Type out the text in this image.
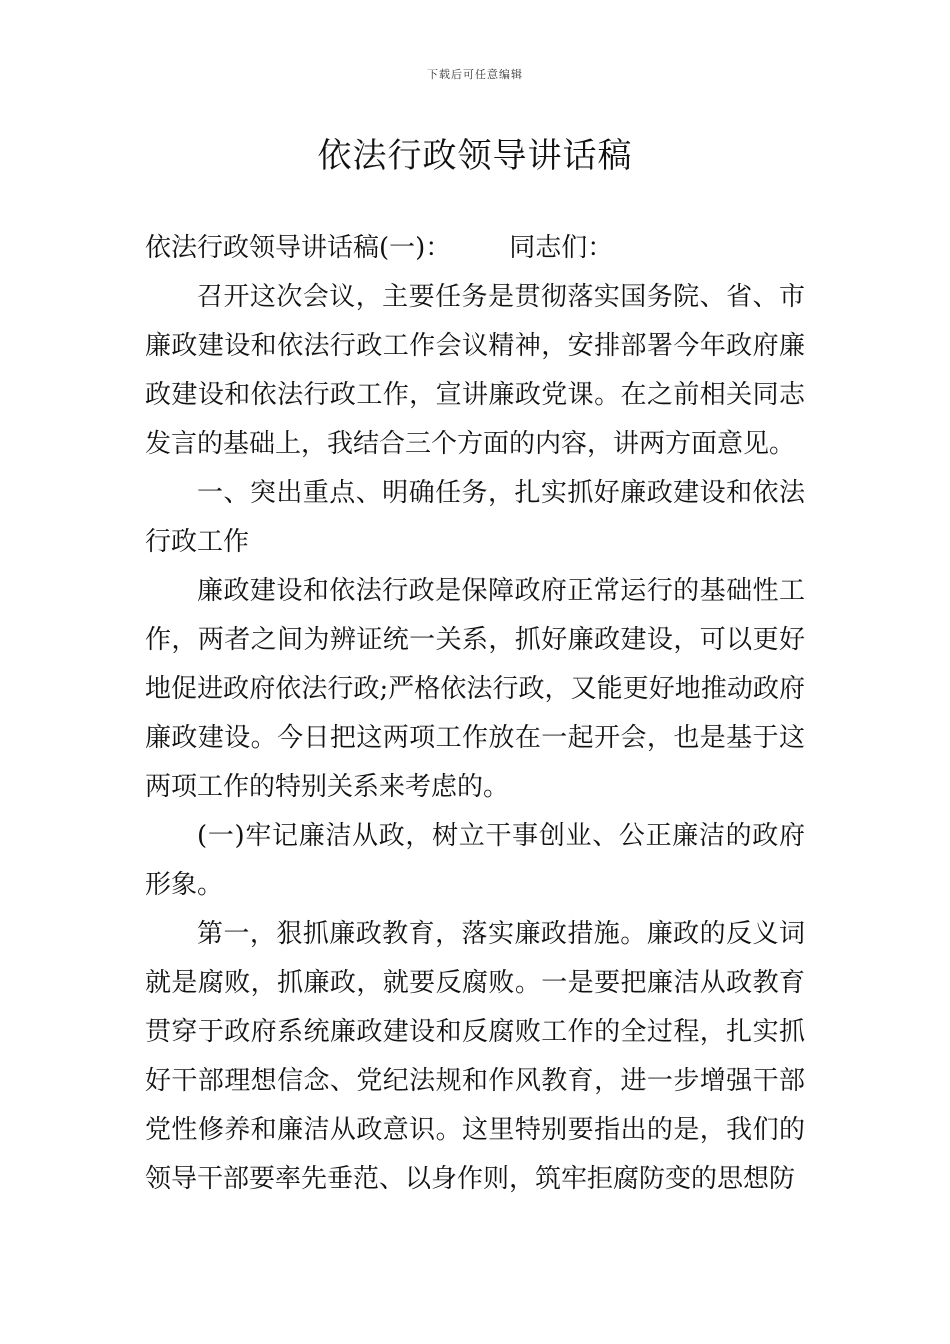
下载后可任意编辑
依法行政领导讲话稿

依法行政领导讲话稿(一)： 同志们：

召开这次会议，主要任务是贯彻落实国务院、省、市廉政建设和依法行政工作会议精神，安排部署今年政府廉政建设和依法行政工作，宣讲廉政党课。在之前相关同志发言的基础上，我结合三个方面的内容，讲两方面意见。

一、突出重点、明确任务，扎实抓好廉政建设和依法行政工作

廉政建设和依法行政是保障政府正常运行的基础性工作，两者之间为辨证统一关系，抓好廉政建设，可以更好地促进政府依法行政;严格依法行政，又能更好地推动政府廉政建设。今日把这两项工作放在一起开会，也是基于这两项工作的特别关系来考虑的。

(一)牢记廉洁从政，树立干事创业、公正廉洁的政府形象。

第一，狠抓廉政教育，落实廉政措施。廉政的反义词就是腐败，抓廉政，就要反腐败。一是要把廉洁从政教育贯穿于政府系统廉政建设和反腐败工作的全过程，扎实抓好干部理想信念、党纪法规和作风教育，进一步增强干部党性修养和廉洁从政意识。这里特别要指出的是，我们的领导干部要率先垂范、以身作则，筑牢拒腐防变的思想防
